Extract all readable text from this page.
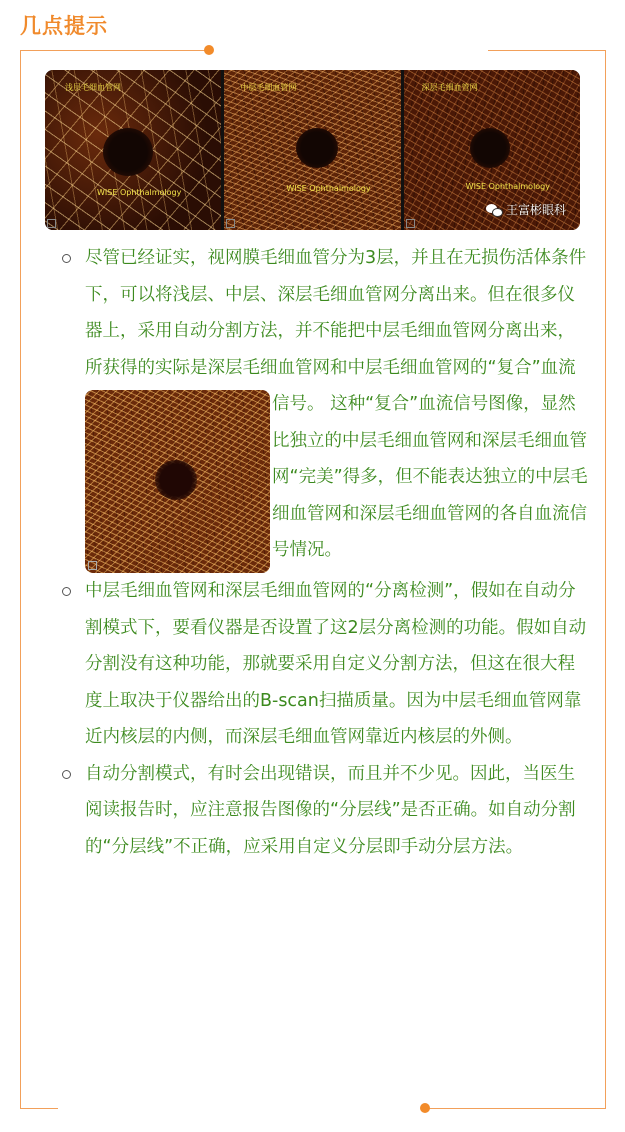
几点提示
浅层毛细血管网
WISE Ophthalmology
中层毛细血管网
WISE Ophthalmology
深层毛细血管网
WISE Ophthalmology
王富彬眼科
尽管已经证实，视网膜毛细血管分为3层，并且在无损伤活体条件下，可以将浅层、中层、深层毛细血管网分离出来。但在很多仪器上，采用自动分割方法，并不能把中层毛细血管网分离出来，所获得的实际是深层毛细血管网和中层毛细血管网的“复合”血流信号。 这种“复合”血流信号图像，显然比独立的中层毛细血管网和深层毛细血管网“完美”得多，但不能表达独立的中层毛细血管网和深层毛细血管网的各自血流信号情况。
中层毛细血管网和深层毛细血管网的“分离检测”，假如在自动分割模式下，要看仪器是否设置了这2层分离检测的功能。假如自动分割没有这种功能，那就要采用自定义分割方法，但这在很大程度上取决于仪器给出的B-scan扫描质量。因为中层毛细血管网靠近内核层的内侧，而深层毛细血管网靠近内核层的外侧。
自动分割模式，有时会出现错误，而且并不少见。因此，当医生阅读报告时，应注意报告图像的“分层线”是否正确。如自动分割的“分层线”不正确，应采用自定义分层即手动分层方法。
